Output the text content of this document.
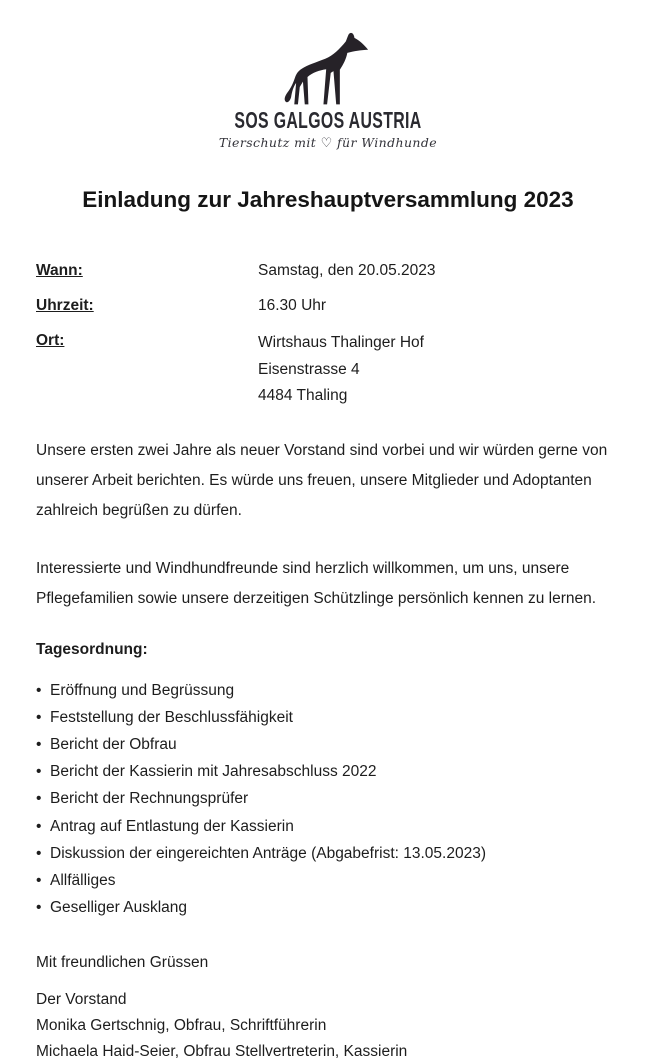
SOS GALGOS AUSTRIA
Tierschutz mit ♡ für Windhunde
Einladung zur Jahreshauptversammlung 2023
Wann:	Samstag, den 20.05.2023
Uhrzeit:	16.30 Uhr
Ort:	Wirtshaus Thalinger Hof
Eisenstrasse 4
4484 Thaling

Unsere ersten zwei Jahre als neuer Vorstand sind vorbei und wir würden gerne von unserer Arbeit berichten. Es würde uns freuen, unsere Mitglieder und Adoptanten zahlreich begrüßen zu dürfen.

Interessierte und Windhundfreunde sind herzlich willkommen, um uns, unsere Pflegefamilien sowie unsere derzeitigen Schützlinge persönlich kennen zu lernen.

Tagesordnung:
• Eröffnung und Begrüssung
• Feststellung der Beschlussfähigkeit
• Bericht der Obfrau
• Bericht der Kassierin mit Jahresabschluss 2022
• Bericht der Rechnungsprüfer
• Antrag auf Entlastung der Kassierin
• Diskussion der eingereichten Anträge (Abgabefrist: 13.05.2023)
• Allfälliges
• Geselliger Ausklang
Mit freundlichen Grüssen
Der Vorstand
Monika Gertschnig, Obfrau, Schriftführerin
Michaela Haid-Seier, Obfrau Stellvertreterin, Kassierin
